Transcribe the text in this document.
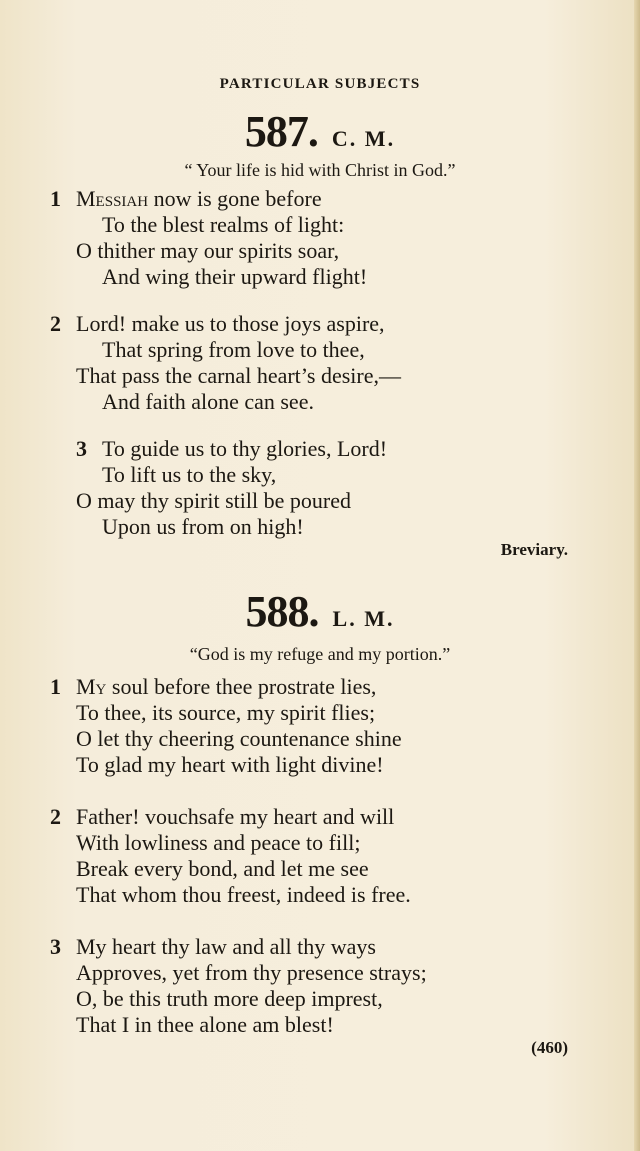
PARTICULAR SUBJECTS
587. C. M.
“ Your life is hid with Christ in God.”
1 Messiah now is gone before
To the blest realms of light:
O thither may our spirits soar,
And wing their upward flight!
2 Lord! make us to those joys aspire,
That spring from love to thee,
That pass the carnal heart’s desire,—
And faith alone can see.
3 To guide us to thy glories, Lord!
To lift us to the sky,
O may thy spirit still be poured
Upon us from on high!
Breviary.
588. L. M.
“God is my refuge and my portion.”
1 My soul before thee prostrate lies,
To thee, its source, my spirit flies;
O let thy cheering countenance shine
To glad my heart with light divine!
2 Father! vouchsafe my heart and will
With lowliness and peace to fill;
Break every bond, and let me see
That whom thou freest, indeed is free.
3 My heart thy law and all thy ways
Approves, yet from thy presence strays;
O, be this truth more deep imprest,
That I in thee alone am blest!
(460)
